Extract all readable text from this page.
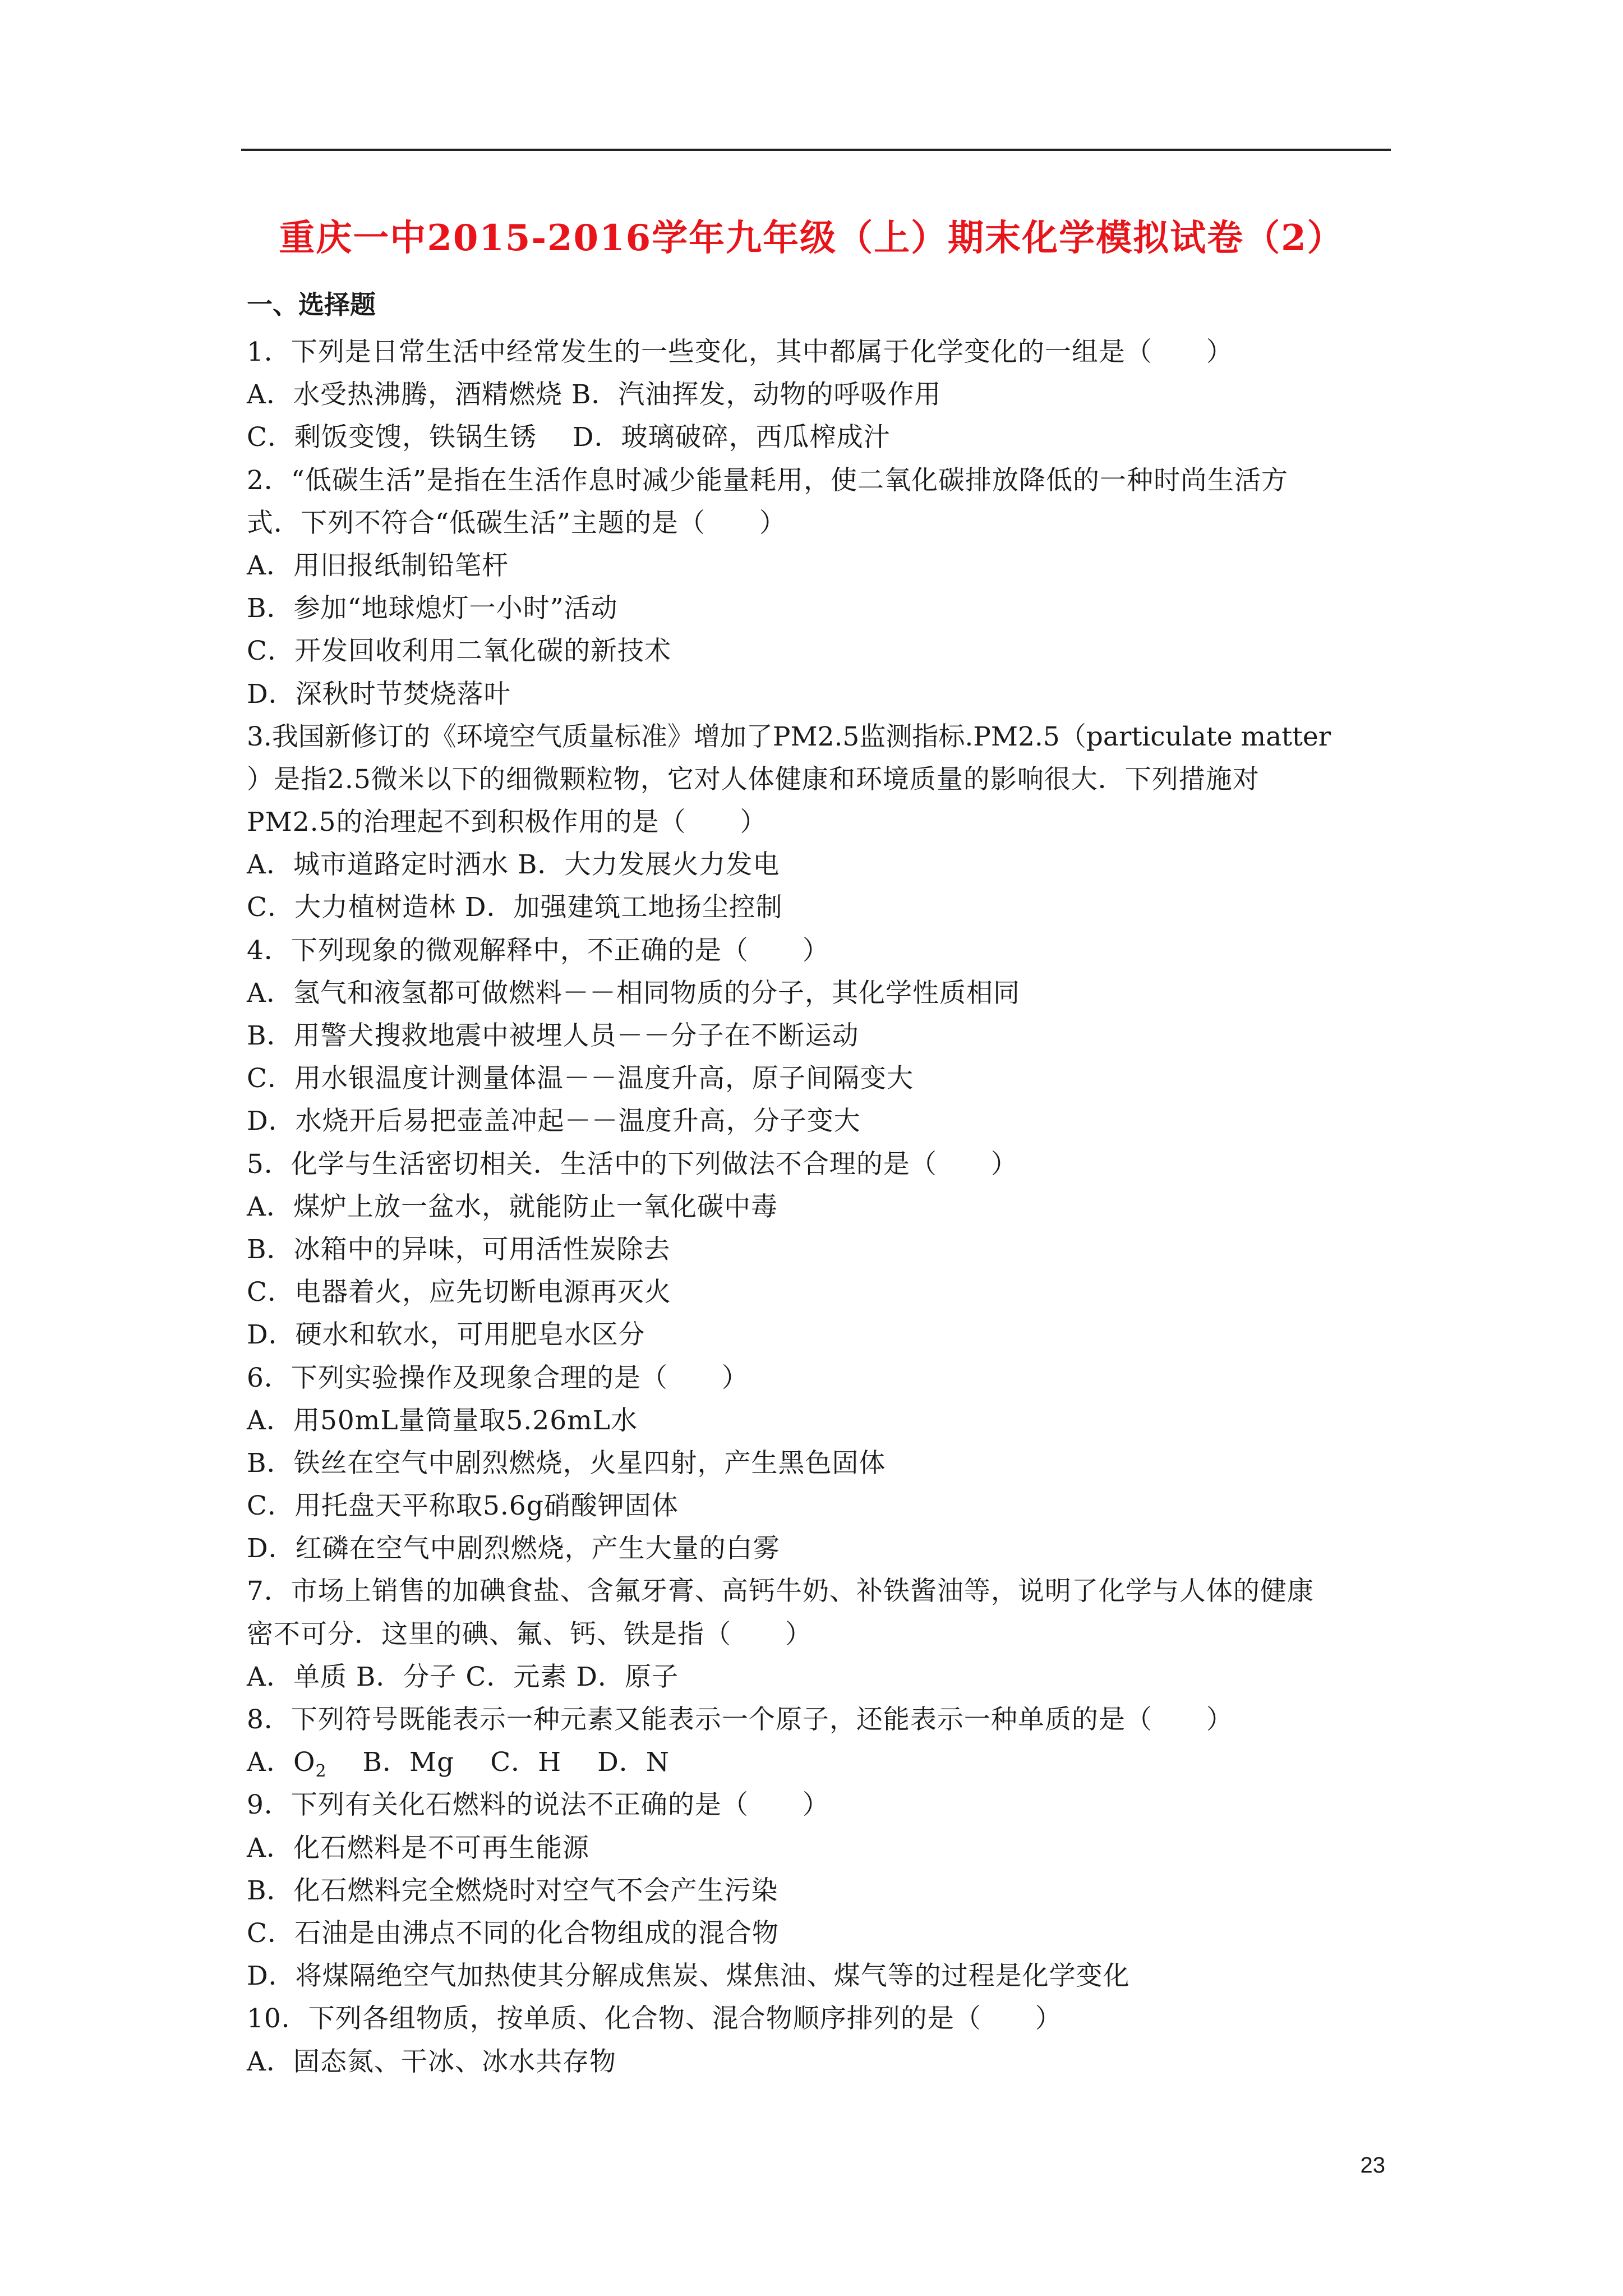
重庆一中2015-2016学年九年级（上）期末化学模拟试卷（2）
一、选择题
1．下列是日常生活中经常发生的一些变化，其中都属于化学变化的一组是（　　）
A．水受热沸腾，酒精燃烧 B．汽油挥发，动物的呼吸作用
C．剩饭变馊，铁锅生锈　 D．玻璃破碎，西瓜榨成汁
2．“低碳生活”是指在生活作息时减少能量耗用，使二氧化碳排放降低的一种时尚生活方
式．下列不符合“低碳生活”主题的是（　　）
A．用旧报纸制铅笔杆
B．参加“地球熄灯一小时”活动
C．开发回收利用二氧化碳的新技术
D．深秋时节焚烧落叶
3.我国新修订的《环境空气质量标准》增加了PM2.5监测指标.PM2.5（particulate matter
）是指2.5微米以下的细微颗粒物，它对人体健康和环境质量的影响很大．下列措施对
PM2.5的治理起不到积极作用的是（　　）
A．城市道路定时洒水 B．大力发展火力发电
C．大力植树造林 D．加强建筑工地扬尘控制
4．下列现象的微观解释中，不正确的是（　　）
A．氢气和液氢都可做燃料－－相同物质的分子，其化学性质相同
B．用警犬搜救地震中被埋人员－－分子在不断运动
C．用水银温度计测量体温－－温度升高，原子间隔变大
D．水烧开后易把壶盖冲起－－温度升高，分子变大
5．化学与生活密切相关．生活中的下列做法不合理的是（　　）
A．煤炉上放一盆水，就能防止一氧化碳中毒
B．冰箱中的异味，可用活性炭除去
C．电器着火，应先切断电源再灭火
D．硬水和软水，可用肥皂水区分
6．下列实验操作及现象合理的是（　　）
A．用50mL量筒量取5.26mL水
B．铁丝在空气中剧烈燃烧，火星四射，产生黑色固体
C．用托盘天平称取5.6g硝酸钾固体
D．红磷在空气中剧烈燃烧，产生大量的白雾
7．市场上销售的加碘食盐、含氟牙膏、高钙牛奶、补铁酱油等，说明了化学与人体的健康
密不可分．这里的碘、氟、钙、铁是指（　　）
A．单质 B．分子 C．元素 D．原子
8．下列符号既能表示一种元素又能表示一个原子，还能表示一种单质的是（　　）
A．$O_2$　 B．Mg　 C．H　 D．N
9．下列有关化石燃料的说法不正确的是（　　）
A．化石燃料是不可再生能源
B．化石燃料完全燃烧时对空气不会产生污染
C．石油是由沸点不同的化合物组成的混合物
D．将煤隔绝空气加热使其分解成焦炭、煤焦油、煤气等的过程是化学变化
10．下列各组物质，按单质、化合物、混合物顺序排列的是（　　）
A．固态氮、干冰、冰水共存物
23
